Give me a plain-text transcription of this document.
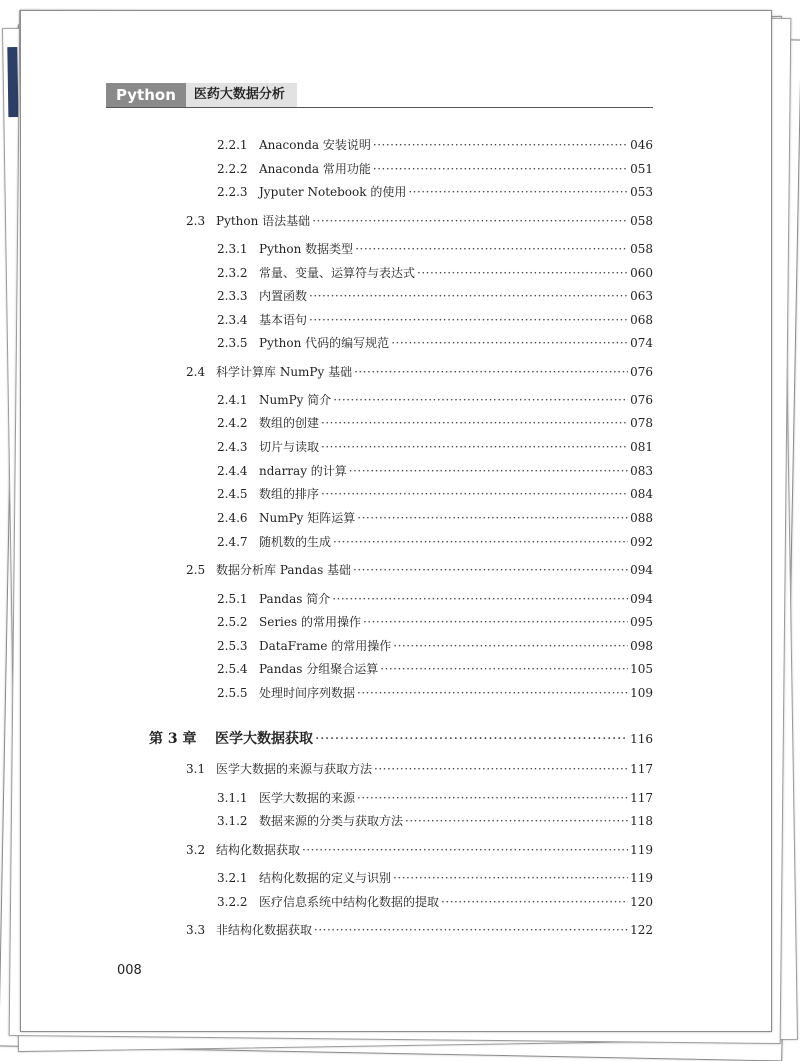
Python	医药大数据分析
2.2.1 Anaconda 安装说明 ·····	046
2.2.2 Anaconda 常用功能 ·····	051
2.2.3 Jyputer Notebook 的使用 ·····	053
2.3 Python 语法基础 ·····	058
2.3.1 Python 数据类型 ·····	058
2.3.2 常量、变量、运算符与表达式 ·····	060
2.3.3 内置函数 ·····	063
2.3.4 基本语句 ·····	068
2.3.5 Python 代码的编写规范 ·····	074
2.4 科学计算库 NumPy 基础 ·····	076
2.4.1 NumPy 简介 ·····	076
2.4.2 数组的创建 ·····	078
2.4.3 切片与读取 ·····	081
2.4.4 ndarray 的计算 ·····	083
2.4.5 数组的排序 ·····	084
2.4.6 NumPy 矩阵运算 ·····	088
2.4.7 随机数的生成 ·····	092
2.5 数据分析库 Pandas 基础 ·····	094
2.5.1 Pandas 简介 ·····	094
2.5.2 Series 的常用操作 ·····	095
2.5.3 DataFrame 的常用操作 ·····	098
2.5.4 Pandas 分组聚合运算 ·····	105
2.5.5 处理时间序列数据 ·····	109
第 3 章	医学大数据获取 ·····	116
3.1 医学大数据的来源与获取方法 ·····	117
3.1.1 医学大数据的来源 ·····	117
3.1.2 数据来源的分类与获取方法 ·····	118
3.2 结构化数据获取 ·····	119
3.2.1 结构化数据的定义与识别 ·····	119
3.2.2 医疗信息系统中结构化数据的提取 ·····	120
3.3 非结构化数据获取 ·····	122
008
